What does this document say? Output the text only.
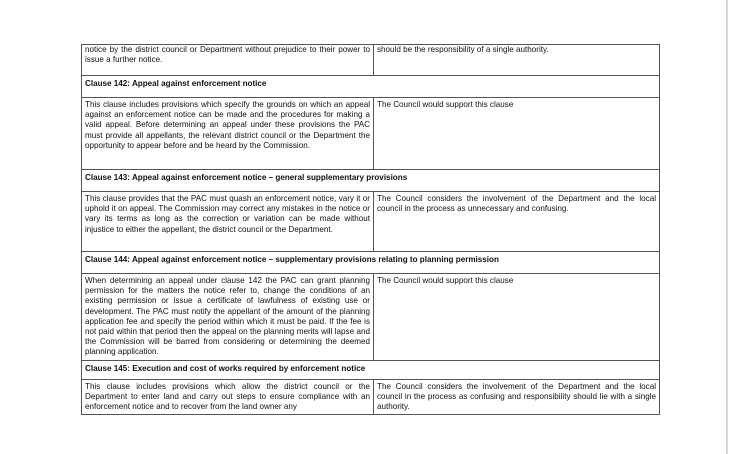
notice by the district council or Department without prejudice to their power to issue a further notice.	should be the responsibility of a single authority.
Clause 142: Appeal against enforcement notice	
This clause includes provisions which specify the grounds on which an appeal against an enforcement notice can be made and the procedures for making a valid appeal. Before determining an appeal under these provisions the PAC must provide all appellants, the relevant district council or the Department the opportunity to appear before and be heard by the Commission.	The Council would support this clause
Clause 143: Appeal against enforcement notice – general supplementary provisions	
This clause provides that the PAC must quash an enforcement notice, vary it or uphold it on appeal. The Commission may correct any mistakes in the notice or vary its terms as long as the correction or variation can be made without injustice to either the appellant, the district council or the Department.	The Council considers the involvement of the Department and the local council in the process as unnecessary and confusing.
Clause 144: Appeal against enforcement notice – supplementary provisions relating to planning permission	
When determining an appeal under clause 142 the PAC can grant planning permission for the matters the notice refer to, change the conditions of an existing permission or issue a certificate of lawfulness of existing use or development. The PAC must notify the appellant of the amount of the planning application fee and specify the period within which it must be paid. If the fee is not paid within that period then the appeal on the planning merits will lapse and the Commission will be barred from considering or determining the deemed planning application.	The Council would support this clause
Clause 145: Execution and cost of works required by enforcement notice	
This clause includes provisions which allow the district council or the Department to enter land and carry out steps to ensure compliance with an enforcement notice and to recover from the land owner any	The Council considers the involvement of the Department and the local council in the process as confusing and responsibility should lie with a single authority.
